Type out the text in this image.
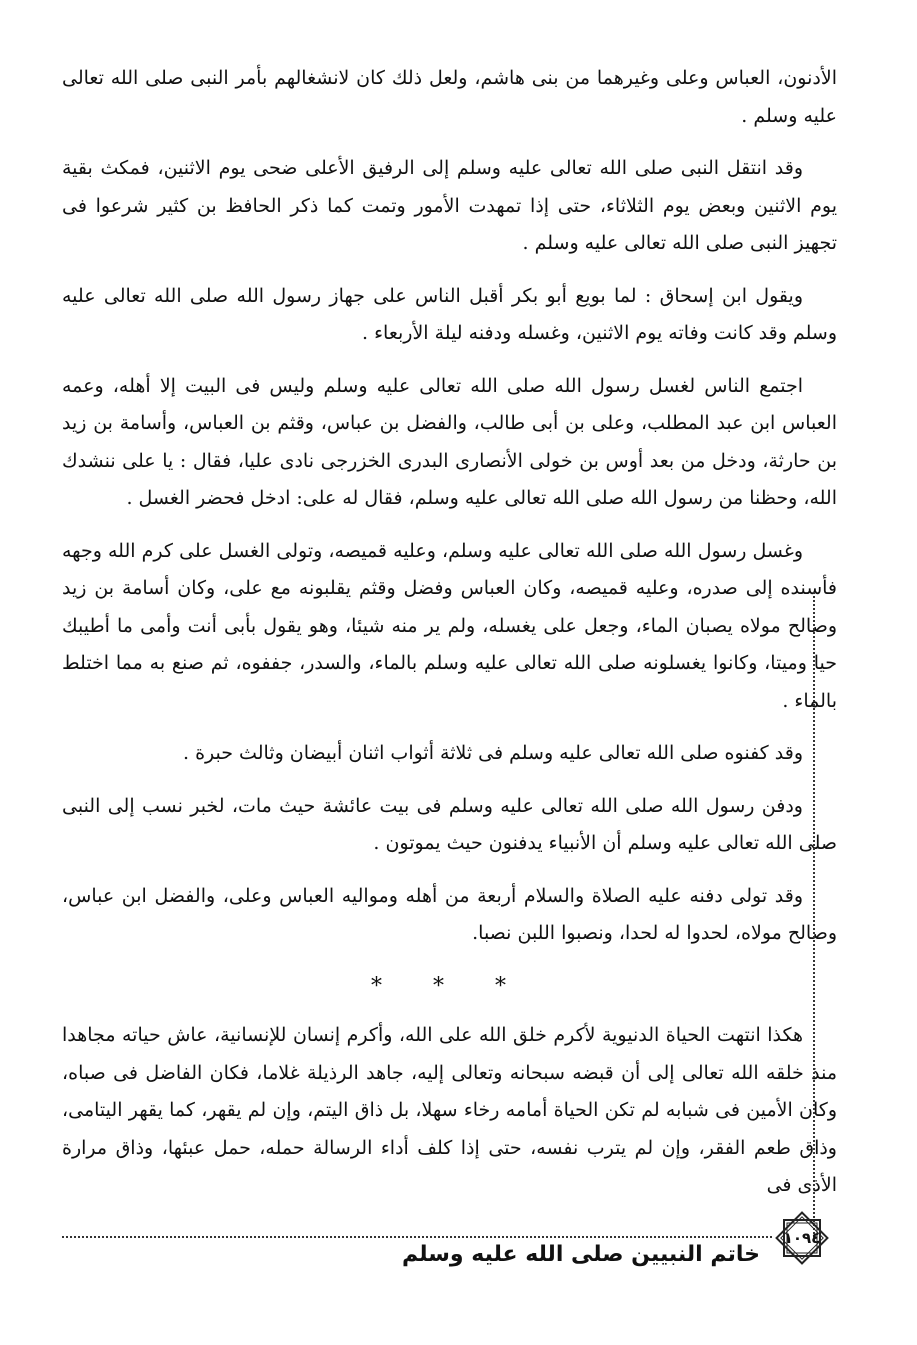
الأدنون، العباس وعلى وغيرهما من بنى هاشم، ولعل ذلك كان لانشغالهم بأمر النبى صلى الله تعالى عليه وسلم .

وقد انتقل النبى صلى الله تعالى عليه وسلم إلى الرفيق الأعلى ضحى يوم الاثنين، فمكث بقية يوم الاثنين وبعض يوم الثلاثاء، حتى إذا تمهدت الأمور وتمت كما ذكر الحافظ بن كثير شرعوا فى تجهيز النبى صلى الله تعالى عليه وسلم .

ويقول ابن إسحاق : لما بويع أبو بكر أقبل الناس على جهاز رسول الله صلى الله تعالى عليه وسلم وقد كانت وفاته يوم الاثنين، وغسله ودفنه ليلة الأربعاء .

اجتمع الناس لغسل رسول الله صلى الله تعالى عليه وسلم وليس فى البيت إلا أهله، وعمه العباس ابن عبد المطلب، وعلى بن أبى طالب، والفضل بن عباس، وقثم بن العباس، وأسامة بن زيد بن حارثة، ودخل من بعد أوس بن خولى الأنصارى البدرى الخزرجى نادى عليا، فقال : يا على ننشدك الله، وحظنا من رسول الله صلى الله تعالى عليه وسلم، فقال له على: ادخل فحضر الغسل .

وغسل رسول الله صلى الله تعالى عليه وسلم، وعليه قميصه، وتولى الغسل على كرم الله وجهه فأسنده إلى صدره، وعليه قميصه، وكان العباس وفضل وقثم يقلبونه مع على، وكان أسامة بن زيد وصالح مولاه يصبان الماء، وجعل على يغسله، ولم ير منه شيئا، وهو يقول بأبى أنت وأمى ما أطيبك حيا وميتا، وكانوا يغسلونه صلى الله تعالى عليه وسلم بالماء، والسدر، جففوه، ثم صنع به مما اختلط بالماء .

وقد كفنوه صلى الله تعالى عليه وسلم فى ثلاثة أثواب اثنان أبيضان وثالث حبرة .

ودفن رسول الله صلى الله تعالى عليه وسلم فى بيت عائشة حيث مات، لخبر نسب إلى النبى صلى الله تعالى عليه وسلم أن الأنبياء يدفنون حيث يموتون .

وقد تولى دفنه عليه الصلاة والسلام أربعة من أهله ومواليه العباس وعلى، والفضل ابن عباس، وصالح مولاه، لحدوا له لحدا، ونصبوا اللبن نصبا.

* * *

هكذا انتهت الحياة الدنيوية لأكرم خلق الله على الله، وأكرم إنسان للإنسانية، عاش حياته مجاهدا منذ خلقه الله تعالى إلى أن قبضه سبحانه وتعالى إليه، جاهد الرذيلة غلاما، فكان الفاضل فى صباه، وكان الأمين فى شبابه لم تكن الحياة أمامه رخاء سهلا، بل ذاق اليتم، وإن لم يقهر، كما يقهر اليتامى، وذاق طعم الفقر، وإن لم يترب نفسه، حتى إذا كلف أداء الرسالة حمله، حمل عبئها، وذاق مرارة الأذى فى

خاتم النبيين صلى الله عليه وسلم
١٠٩٤
